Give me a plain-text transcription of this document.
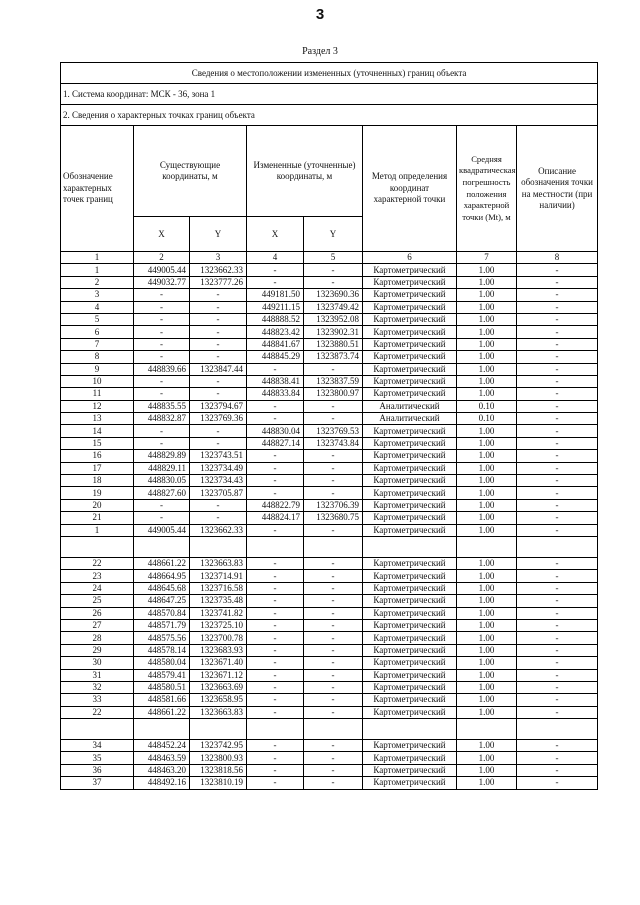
3
Раздел 3
Сведения о местоположении измененных (уточненных) границ объекта							
1. Система координат: МСК - 36, зона 1							
2. Сведения о характерных точках границ объекта							
Обозначение характерных точек границ	Существующие координаты, м		Измененные (уточненные) координаты, м		Метод определения координат характерной точки	Средняя квадратическая погрешность положения характерной точки (Mt), м	Описание обозначения точки на местности (при наличии)
	X	Y	X	Y			
1	2	3	4	5	6	7	8
1	449005.44	1323662.33	-	-	Картометрический	1.00	-
2	449032.77	1323777.26	-	-	Картометрический	1.00	-
3	-	-	449181.50	1323690.36	Картометрический	1.00	-
4	-	-	449211.15	1323749.42	Картометрический	1.00	-
5	-	-	448888.52	1323952.08	Картометрический	1.00	-
6	-	-	448823.42	1323902.31	Картометрический	1.00	-
7	-	-	448841.67	1323880.51	Картометрический	1.00	-
8	-	-	448845.29	1323873.74	Картометрический	1.00	-
9	448839.66	1323847.44	-	-	Картометрический	1.00	-
10	-	-	448838.41	1323837.59	Картометрический	1.00	-
11	-	-	448833.84	1323800.97	Картометрический	1.00	-
12	448835.55	1323794.67	-	-	Аналитический	0.10	-
13	448832.87	1323769.36	-	-	Аналитический	0.10	-
14	-	-	448830.04	1323769.53	Картометрический	1.00	-
15	-	-	448827.14	1323743.84	Картометрический	1.00	-
16	448829.89	1323743.51	-	-	Картометрический	1.00	-
17	448829.11	1323734.49	-	-	Картометрический	1.00	-
18	448830.05	1323734.43	-	-	Картометрический	1.00	-
19	448827.60	1323705.87	-	-	Картометрический	1.00	-
20	-	-	448822.79	1323706.39	Картометрический	1.00	-
21	-	-	448824.17	1323680.75	Картометрический	1.00	-
1	449005.44	1323662.33	-	-	Картометрический	1.00	-

22	448661.22	1323663.83	-	-	Картометрический	1.00	-
23	448664.95	1323714.91	-	-	Картометрический	1.00	-
24	448645.68	1323716.58	-	-	Картометрический	1.00	-
25	448647.25	1323735.48	-	-	Картометрический	1.00	-
26	448570.84	1323741.82	-	-	Картометрический	1.00	-
27	448571.79	1323725.10	-	-	Картометрический	1.00	-
28	448575.56	1323700.78	-	-	Картометрический	1.00	-
29	448578.14	1323683.93	-	-	Картометрический	1.00	-
30	448580.04	1323671.40	-	-	Картометрический	1.00	-
31	448579.41	1323671.12	-	-	Картометрический	1.00	-
32	448580.51	1323663.69	-	-	Картометрический	1.00	-
33	448581.66	1323658.95	-	-	Картометрический	1.00	-
22	448661.22	1323663.83	-	-	Картометрический	1.00	-

34	448452.24	1323742.95	-	-	Картометрический	1.00	-
35	448463.59	1323800.93	-	-	Картометрический	1.00	-
36	448463.20	1323818.56	-	-	Картометрический	1.00	-
37	448492.16	1323810.19	-	-	Картометрический	1.00	-
